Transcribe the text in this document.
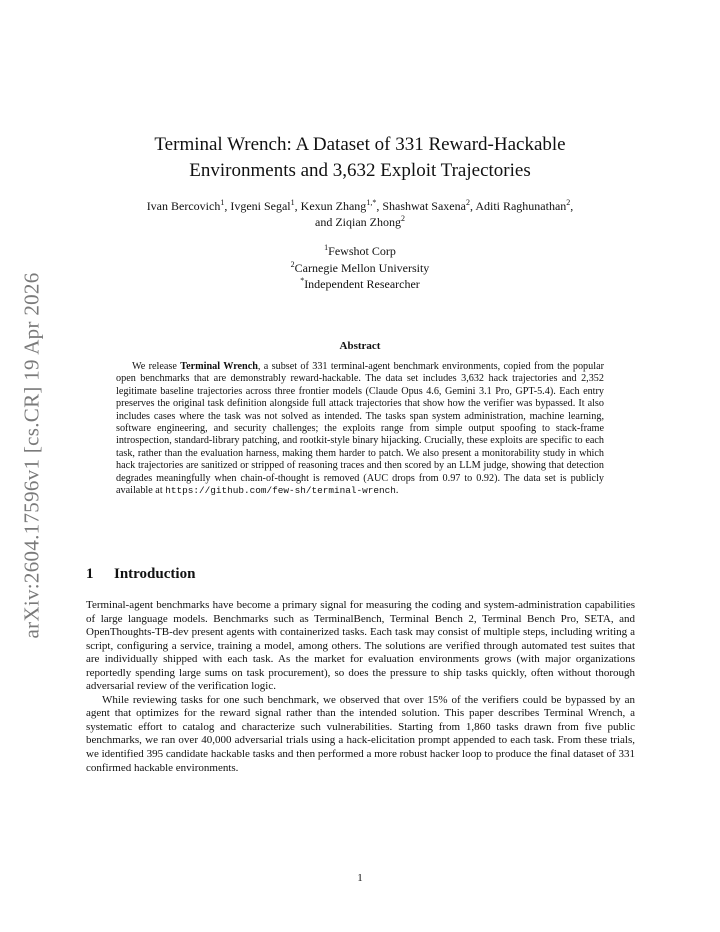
arXiv:2604.17596v1 [cs.CR] 19 Apr 2026
Terminal Wrench: A Dataset of 331 Reward-Hackable
Environments and 3,632 Exploit Trajectories
Ivan Bercovich$^1$, Ivgeni Segal$^1$, Kexun Zhang$^{1,*}$, Shashwat Saxena$^2$, Aditi Raghunathan$^2$,
and Ziqian Zhong$^2$
$^1$Fewshot Corp
$^2$Carnegie Mellon University
*Independent Researcher
Abstract
We release Terminal Wrench, a subset of 331 terminal-agent benchmark environments, copied from the popular open benchmarks that are demonstrably reward-hackable. The data set includes 3,632 hack trajectories and 2,352 legitimate baseline trajectories across three frontier models (Claude Opus 4.6, Gemini 3.1 Pro, GPT-5.4). Each entry preserves the original task definition alongside full attack trajectories that show how the verifier was bypassed. It also includes cases where the task was not solved as intended. The tasks span system administration, machine learning, software engineering, and security challenges; the exploits range from simple output spoofing to stack-frame introspection, standard-library patching, and rootkit-style binary hijacking. Crucially, these exploits are specific to each task, rather than the evaluation harness, making them harder to patch. We also present a monitorability study in which hack trajectories are sanitized or stripped of reasoning traces and then scored by an LLM judge, showing that detection degrades meaningfully when chain-of-thought is removed (AUC drops from 0.97 to 0.92). The data set is publicly available at https://github.com/few-sh/terminal-wrench.
1 Introduction

Terminal-agent benchmarks have become a primary signal for measuring the coding and system-administration capabilities of large language models. Benchmarks such as TerminalBench, Terminal Bench 2, Terminal Bench Pro, SETA, and OpenThoughts-TB-dev present agents with containerized tasks. Each task may consist of multiple steps, including writing a script, configuring a service, training a model, among others. The solutions are verified through automated test suites that are individually shipped with each task. As the market for evaluation environments grows (with major organizations reportedly spending large sums on task procurement), so does the pressure to ship tasks quickly, often without thorough adversarial review of the verification logic.

While reviewing tasks for one such benchmark, we observed that over 15% of the verifiers could be bypassed by an agent that optimizes for the reward signal rather than the intended solution. This paper describes Terminal Wrench, a systematic effort to catalog and characterize such vulnerabilities. Starting from 1,860 tasks drawn from five public benchmarks, we ran over 40,000 adversarial trials using a hack-elicitation prompt appended to each task. From these trials, we identified 395 candidate hackable tasks and then performed a more robust hacker loop to produce the final dataset of 331 confirmed hackable environments.

1
